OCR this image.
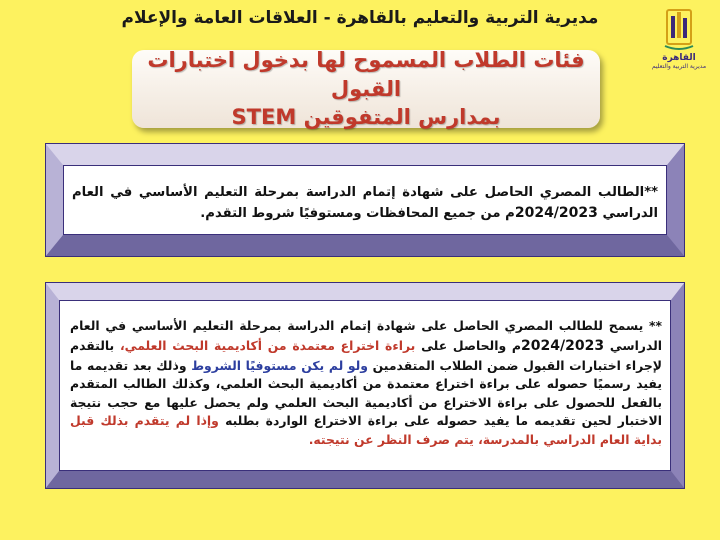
مديرية التربية والتعليم بالقاهرة - العلاقات العامة والإعلام
القاهرة
مديرية التربية والتعليم
فئات الطلاب المسموح لها بدخول اختبارات القبول
بمدارس المتفوقين STEM
**الطالب المصري الحاصل على شهادة إتمام الدراسة بمرحلة التعليم الأساسي في العام الدراسي 2024/2023م من جميع المحافظات ومستوفيًا شروط التقدم.
** يسمح للطالب المصري الحاصل على شهادة إتمام الدراسة بمرحلة التعليم الأساسي في العام الدراسي 2024/2023م والحاصل على براءة اختراع معتمدة من أكاديمية البحث العلمي، بالتقدم لإجراء اختبارات القبول ضمن الطلاب المتقدمين ولو لم يكن مستوفيًا الشروط وذلك بعد تقديمه ما يفيد رسميًا حصوله على براءة اختراع معتمدة من أكاديمية البحث العلمي، وكذلك الطالب المتقدم بالفعل للحصول على براءة الاختراع من أكاديمية البحث العلمي ولم يحصل عليها مع حجب نتيجة الاختبار لحين تقديمه ما يفيد حصوله على براءة الاختراع الواردة بطلبه وإذا لم يتقدم بذلك قبل بداية العام الدراسي بالمدرسة، يتم صرف النظر عن نتيجته.
